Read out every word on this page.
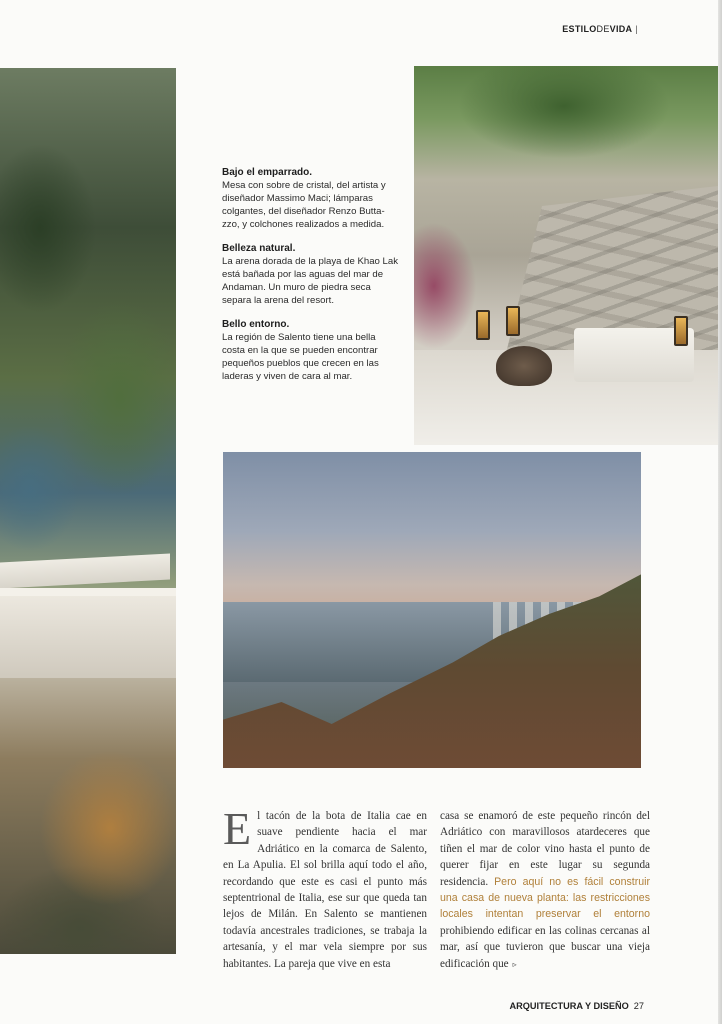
ESTILODEVIDA |
Bajo el emparrado.
Mesa con sobre de cristal, del artista y diseñador Massimo Maci; lámparas colgantes, del diseñador Renzo Butta-zzo, y colchones realizados a medida.
Belleza natural.
La arena dorada de la playa de Khao Lak está bañada por las aguas del mar de Andaman. Un muro de piedra seca separa la arena del resort.
Bello entorno.
La región de Salento tiene una bella costa en la que se pueden encontrar pequeños pueblos que crecen en las laderas y viven de cara al mar.
El tacón de la bota de Italia cae en suave pendiente hacia el mar Adriático en la comarca de Salento, en La Apulia. El sol brilla aquí todo el año, recordando que este es casi el punto más septentrional de Italia, ese sur que queda tan lejos de Milán. En Salento se mantienen todavía ancestrales tradiciones, se trabaja la artesanía, y el mar vela siempre por sus habitantes. La pareja que vive en esta
casa se enamoró de este pequeño rincón del Adriático con maravillosos atardeceres que tiñen el mar de color vino hasta el punto de querer fijar en este lugar su segunda residencia. Pero aquí no es fácil construir una casa de nueva planta: las restricciones locales intentan preservar el entorno prohibiendo edificar en las colinas cercanas al mar, así que tuvieron que buscar una vieja edificación que ▹
ARQUITECTURA Y DISEÑO 27
